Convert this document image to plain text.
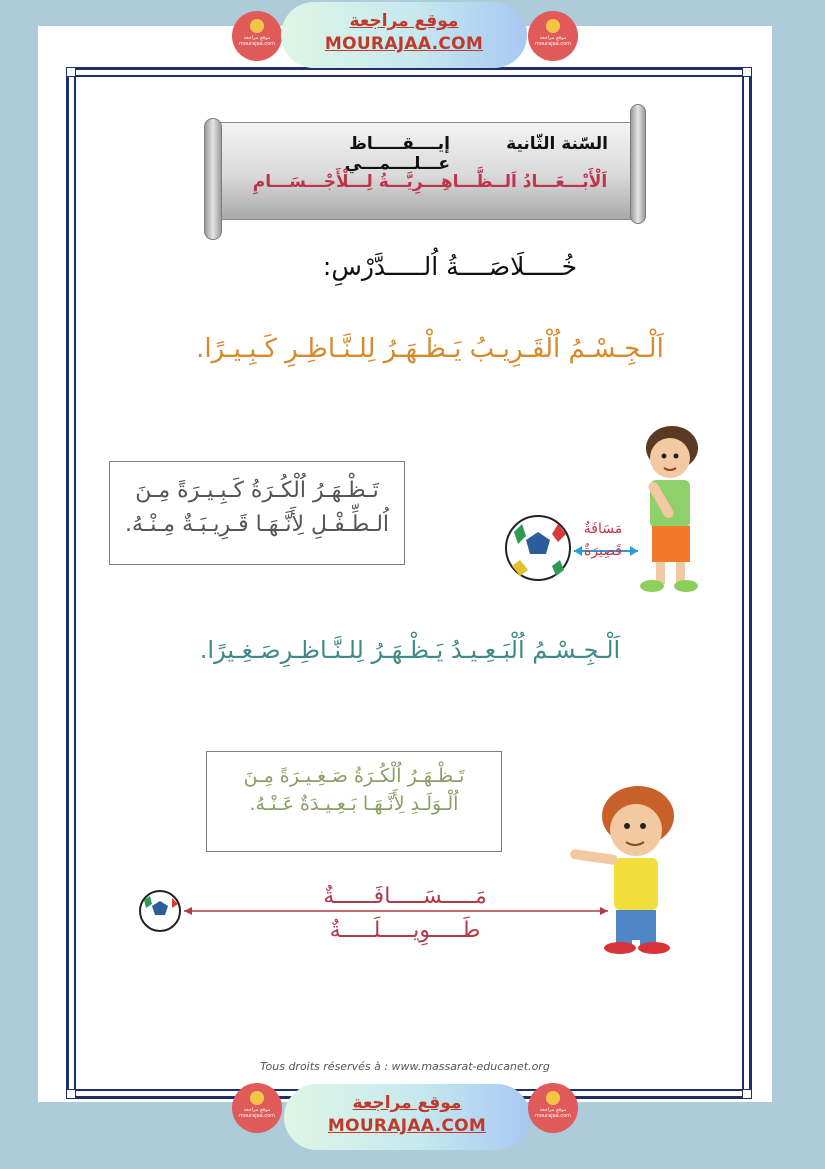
موقع مراجعة mourajaa.com
موقع مراجعة
MOURAJAA.COM	موقع مراجعة mourajaa.com
السّنة الثّانية
إيــــقـــــاظ عـــلــــمـــي
اَلْأَبْـــعَـــادُ اَلــظَّـــاهِـــرِيَّـــةُ لِـــلْأَجْـــسَـــامِ
خُـــــلَاصَــــةُ اُلـــــدَّرْسِ:
اَلْـجِـسْـمُ اُلْقَـرِيـبُ يَـظْـهَـرُ لِلـنَّـاظِـرِ كَـبِـيـرًا.
تَـظْـهَـرُ اُلْكُـرَةُ كَـبِـيـرَةً مِـنَ
اُلـطِّـفْـلِ لِأَنَّـهَـا قَـرِيـبَـةٌ مِـنْـهُ.	مَسَافَةٌ
قَصِيرَةٌ
اَلْـجِـسْـمُ اُلْبَـعِـيـدُ يَـظْـهَـرُ لِلـنَّـاظِـرِصَـغِـيرًا.
تَـظْـهَـرُ اُلْكُـرَةُ صَـغِـيـرَةً مِـنَ
اُلْـوَلَـدِ لِأَنَّـهَـا بَـعِـيـدَةٌ عَـنْـهُ.
مَـــــسَـــــافَــــــةٌ
طَـــــوِيـــــلَـــــةٌ
Tous droits réservés à : www.massarat-educanet.org
موقع مراجعة mourajaa.com
موقع مراجعة
MOURAJAA.COM
موقع مراجعة mourajaa.com
